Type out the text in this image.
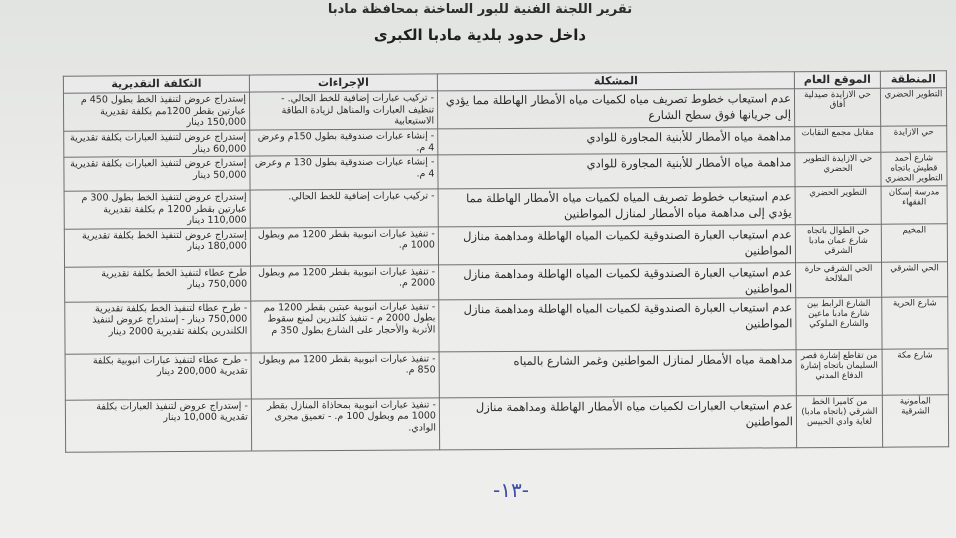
تقرير اللجنة الفنية للبور الساخنة بمحافظة مادبا
داخل حدود بلدية مادبا الكبرى
المنطقة	الموقع العام	المشكلة	الإجراءات	التكلفة التقديرية
التطوير الحضري	حي الازايدة صيدلية أفاق	عدم استيعاب خطوط تصريف مياه لكميات مياه الأمطار الهاطلة مما يؤدي إلى جريانها فوق سطح الشارع	- تركيب عبارات إضافية للخط الحالي. - تنظيف العبارات والمناهل لزيادة الطاقة الاستيعابية	إستدراج عروض لتنفيذ الخط بطول 450 م عبارتين بقطر 1200مم بكلفة تقديرية 150,000 دينار
حي الازايدة	مقابل مجمع النقابات	مداهمة مياه الأمطار للأبنية المجاورة للوادي	- إنشاء عبارات صندوقية بطول 150م وعرض 4 م.	إستدراج عروض لتنفيذ العبارات بكلفة تقديرية 60,000 دينار
شارع أحمد قطيش باتجاه التطوير الحضري	حي الازايدة التطوير الحضري	مداهمة مياه الأمطار للأبنية المجاورة للوادي	- إنشاء عبارات صندوقية بطول 130 م وعرض 4 م.	إستدراج عروض لتنفيذ العبارات بكلفة تقديرية 50,000 دينار
مدرسة إسكان الفقهاء	التطوير الحضري	عدم استيعاب خطوط تصريف المياه لكميات مياه الأمطار الهاطلة مما يؤدي إلى مداهمة مياه الأمطار لمنازل المواطنين	- تركيب عبارات إضافية للخط الحالي.	إستدراج عروض لتنفيذ الخط بطول 300 م عبارتين بقطر 1200 م بكلفة تقديرية 110,000 دينار
المخيم	حي الطوال باتجاه شارع عمان مادبا الشرقي	عدم استيعاب العبارة الصندوقية لكميات المياه الهاطلة ومداهمة منازل المواطنين	- تنفيذ عبارات انبوبية بقطر 1200 مم وبطول 1000 م.	إستدراج عروض لتنفيذ الخط بكلفة تقديرية 180,000 دينار
الحي الشرقي	الحي الشرقي حارة الملالحة	عدم استيعاب العبارة الصندوقية لكميات المياه الهاطلة ومداهمة منازل المواطنين	- تنفيذ عبارات انبوبية بقطر 1200 مم وبطول 2000 م.	طرح عطاء لتنفيذ الخط بكلفة تقديرية 750,000 دينار
شارع الحرية	الشارع الرابط بين شارع مادبا ماعين والشارع الملوكي	عدم استيعاب العبارة الصندوقية لكميات المياه الهاطلة ومداهمة منازل المواطنين	- تنفيذ عبارات انبوبية عبتين بقطر 1200 مم بطول 2000 م - تنفيذ كلندرين لمنع سقوط الأتربة والأحجار على الشارع بطول 350 م	- طرح عطاء لتنفيذ الخط بكلفة تقديرية 750,000 دينار - إستدراج عروض لتنفيذ الكلندرين بكلفة تقديرية 2000 دينار
شارع مكة	من تقاطع إشارة قصر السليمان باتجاه إشارة الدفاع المدني	مداهمة مياه الأمطار لمنازل المواطنين وغمر الشارع بالمياه	- تنفيذ عبارات انبوبية بقطر 1200 مم وبطول 850 م.	- طرح عطاء لتنفيذ عبارات انبوبية بكلفة تقديرية 200,000 دينار
المأمونية الشرقية	من كاميرا الخط الشرقي (باتجاه مادبا) لغاية وادي الحبيس	عدم استيعاب العبارات لكميات مياه الأمطار الهاطلة ومداهمة منازل المواطنين	- تنفيذ عبارات انبوبية بمحاذاة المنازل بقطر 1000 مم وبطول 100 م. - تعميق مجرى الوادي.	- إستدراج عروض لتنفيذ العبارات بكلفة تقديرية 10,000 دينار
-١٣-
